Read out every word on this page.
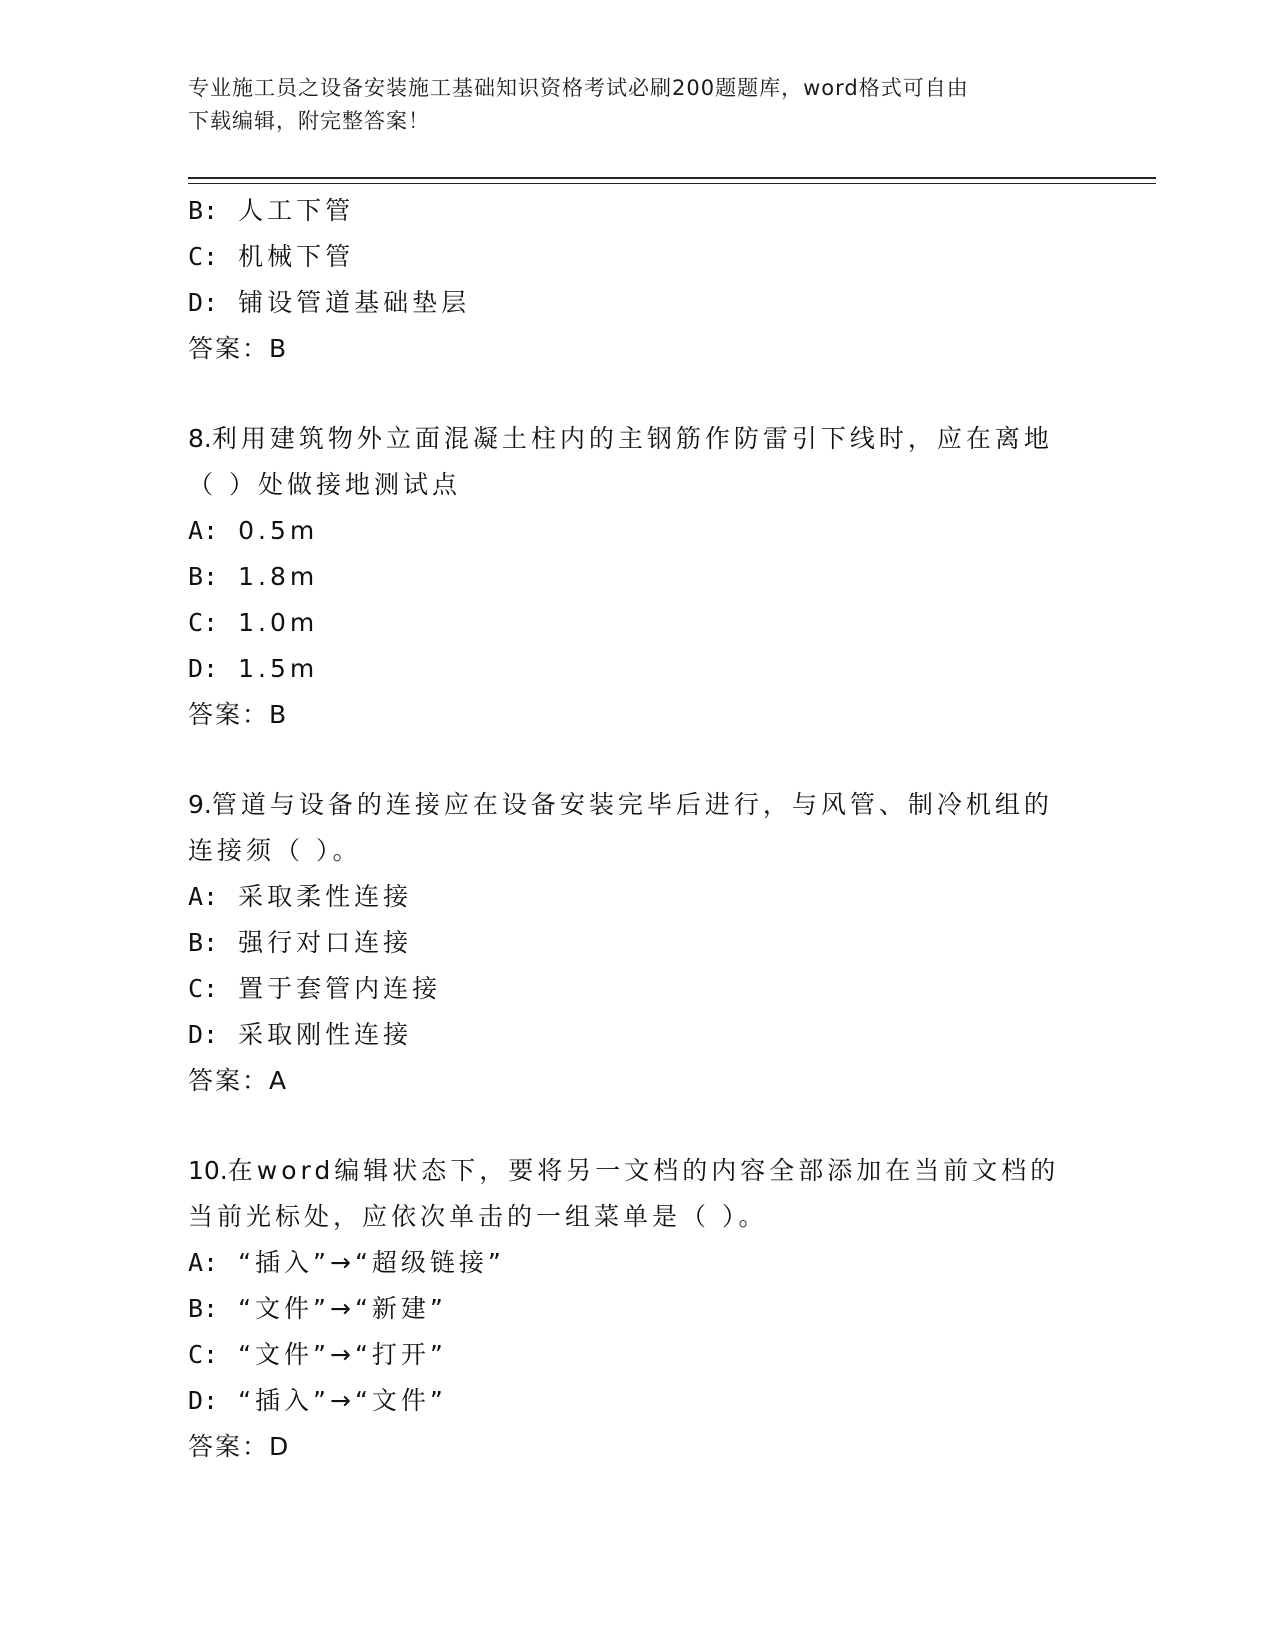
专业施工员之设备安装施工基础知识资格考试必刷200题题库，word格式可自由
下载编辑，附完整答案！
B: 人工下管
C: 机械下管
D: 铺设管道基础垫层
答案：B
8.利用建筑物外立面混凝土柱内的主钢筋作防雷引下线时，应在离地
（ ）处做接地测试点
A: 0.5m
B: 1.8m
C: 1.0m
D: 1.5m
答案：B
9.管道与设备的连接应在设备安装完毕后进行，与风管、制冷机组的
连接须（ ）。
A: 采取柔性连接
B: 强行对口连接
C: 置于套管内连接
D: 采取刚性连接
答案：A
10.在word编辑状态下，要将另一文档的内容全部添加在当前文档的
当前光标处，应依次单击的一组菜单是（ ）。
A: “插入”→“超级链接”
B: “文件”→“新建”
C: “文件”→“打开”
D: “插入”→“文件”
答案：D
